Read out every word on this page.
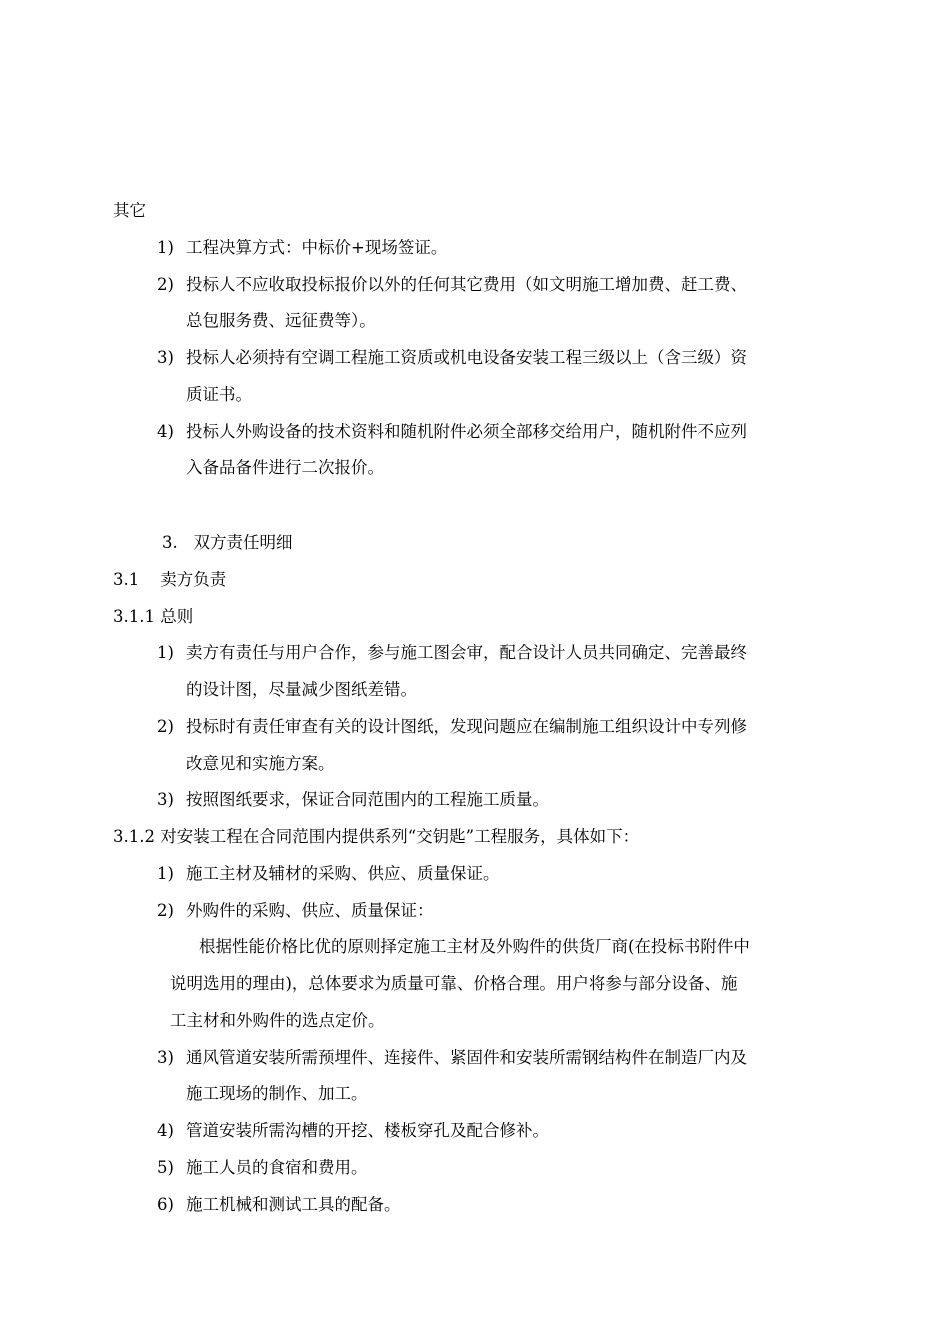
其它
1) 工程决算方式：中标价+现场签证。
2) 投标人不应收取投标报价以外的任何其它费用（如文明施工增加费、赶工费、
总包服务费、远征费等）。
3) 投标人必须持有空调工程施工资质或机电设备安装工程三级以上（含三级）资
质证书。
4) 投标人外购设备的技术资料和随机附件必须全部移交给用户，随机附件不应列
入备品备件进行二次报价。
3.   双方责任明细
3.1    卖方负责
3.1.1 总则
1) 卖方有责任与用户合作，参与施工图会审，配合设计人员共同确定、完善最终
的设计图，尽量减少图纸差错。
2) 投标时有责任审查有关的设计图纸，发现问题应在编制施工组织设计中专列修
改意见和实施方案。
3) 按照图纸要求，保证合同范围内的工程施工质量。
3.1.2 对安装工程在合同范围内提供系列“交钥匙”工程服务，具体如下：
1) 施工主材及辅材的采购、供应、质量保证。
2) 外购件的采购、供应、质量保证：
根据性能价格比优的原则择定施工主材及外购件的供货厂商(在投标书附件中
说明选用的理由)，总体要求为质量可靠、价格合理。用户将参与部分设备、施
工主材和外购件的选点定价。
3) 通风管道安装所需预埋件、连接件、紧固件和安装所需钢结构件在制造厂内及
施工现场的制作、加工。
4) 管道安装所需沟槽的开挖、楼板穿孔及配合修补。
5) 施工人员的食宿和费用。
6) 施工机械和测试工具的配备。
